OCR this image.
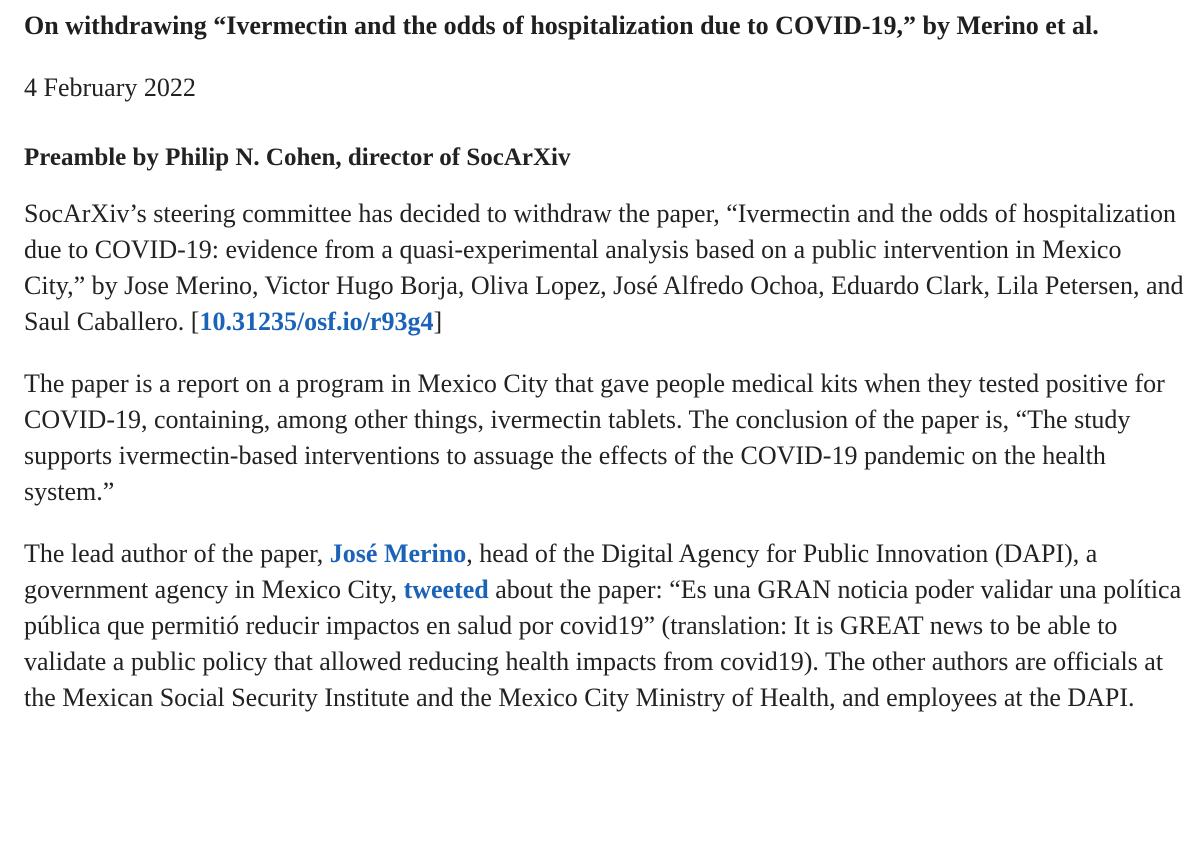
On withdrawing “Ivermectin and the odds of hospitalization due to COVID-19,” by Merino et al.

4 February 2022

Preamble by Philip N. Cohen, director of SocArXiv

SocArXiv’s steering committee has decided to withdraw the paper, “Ivermectin and the odds of hospitalization due to COVID-19: evidence from a quasi-experimental analysis based on a public intervention in Mexico City,” by Jose Merino, Victor Hugo Borja, Oliva Lopez, José Alfredo Ochoa, Eduardo Clark, Lila Petersen, and Saul Caballero. [10.31235/osf.io/r93g4]

The paper is a report on a program in Mexico City that gave people medical kits when they tested positive for COVID-19, containing, among other things, ivermectin tablets. The conclusion of the paper is, “The study supports ivermectin-based interventions to assuage the effects of the COVID-19 pandemic on the health system.”

The lead author of the paper, José Merino, head of the Digital Agency for Public Innovation (DAPI), a government agency in Mexico City, tweeted about the paper: “Es una GRAN noticia poder validar una política pública que permitió reducir impactos en salud por covid19” (translation: It is GREAT news to be able to validate a public policy that allowed reducing health impacts from covid19). The other authors are officials at the Mexican Social Security Institute and the Mexico City Ministry of Health, and employees at the DAPI.
